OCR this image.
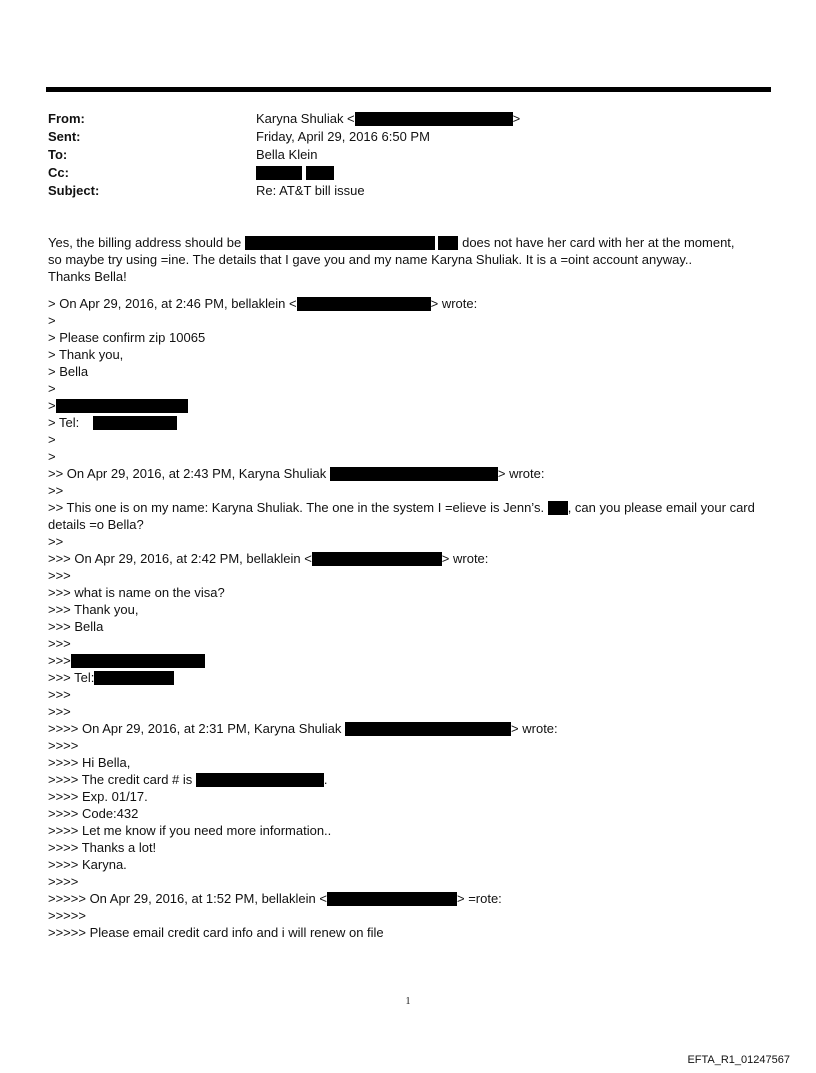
From:	Karyna Shuliak <	>
Sent:	Friday, April 29, 2016 6:50 PM
To:	Bella Klein
Cc:

Subject:	Re: AT&T bill issue
Yes, the billing address should be	does not have her card with her at the moment,
so maybe try using =ine. The details that I gave you and my name Karyna Shuliak. It is a =oint account anyway..
Thanks Bella!
> On Apr 29, 2016, at 2:46 PM, bellaklein <	> wrote:
>
> Please confirm zip 10065
> Thank you,
> Bella
>
>
> Tel:
>
>
>> On Apr 29, 2016, at 2:43 PM, Karyna Shuliak	> wrote:
>>
>> This one is on my name: Karyna Shuliak. The one in the system I =elieve is Jenn’s. , can you please email your card
details =o Bella?
>>
>>> On Apr 29, 2016, at 2:42 PM, bellaklein <	> wrote:
>>>
>>> what is name on the visa?
>>> Thank you,
>>> Bella
>>>
>>>
>>> Tel:
>>>
>>>
>>>> On Apr 29, 2016, at 2:31 PM, Karyna Shuliak	> wrote:
>>>>
>>>> Hi Bella,
>>>> The credit card # is	.
>>>> Exp. 01/17.
>>>> Code:432
>>>> Let me know if you need more information..
>>>> Thanks a lot!
>>>> Karyna.
>>>>
>>>>> On Apr 29, 2016, at 1:52 PM, bellaklein <	> =rote:
>>>>>
>>>>> Please email credit card info and i will renew on file
1
EFTA_R1_01247567
